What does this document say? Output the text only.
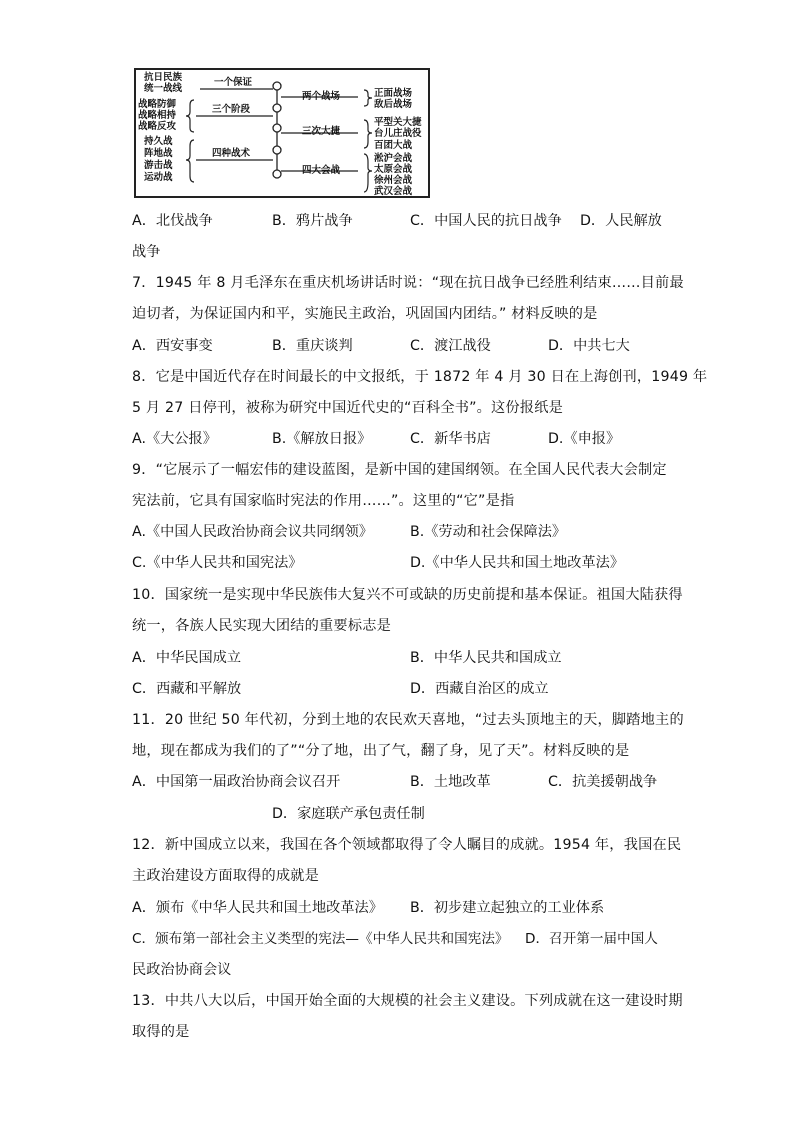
抗日民族
统一战线
战略防御
战略相持
战略反攻
持久战
阵地战
游击战
运动战
一个保证
三个阶段
四种战术
两个战场
三次大捷
四大会战
正面战场
敌后战场
平型关大捷
台儿庄战役
百团大战
淞沪会战
太原会战
徐州会战
武汉会战
A．北伐战争	B．鸦片战争	C．中国人民的抗日战争 D．人民解放
战争
7．1945 年 8 月毛泽东在重庆机场讲话时说：“现在抗日战争已经胜利结束……目前最
迫切者，为保证国内和平，实施民主政治，巩固国内团结。” 材料反映的是
A．西安事变	B．重庆谈判	C．渡江战役	D．中共七大
8．它是中国近代存在时间最长的中文报纸，于 1872 年 4 月 30 日在上海创刊，1949 年
5 月 27 日停刊，被称为研究中国近代史的“百科全书”。这份报纸是
A.《大公报》	B.《解放日报》	C．新华书店	D.《申报》
9．“它展示了一幅宏伟的建设蓝图，是新中国的建国纲领。在全国人民代表大会制定
宪法前，它具有国家临时宪法的作用……”。这里的“它”是指
A.《中国人民政治协商会议共同纲领》	B.《劳动和社会保障法》
C.《中华人民共和国宪法》	D.《中华人民共和国土地改革法》
10．国家统一是实现中华民族伟大复兴不可或缺的历史前提和基本保证。祖国大陆获得
统一，各族人民实现大团结的重要标志是
A．中华民国成立	B．中华人民共和国成立
C．西藏和平解放	D．西藏自治区的成立
11．20 世纪 50 年代初，分到土地的农民欢天喜地，“过去头顶地主的天，脚踏地主的
地，现在都成为我们的了”“分了地，出了气，翻了身，见了天”。材料反映的是
A．中国第一届政治协商会议召开	B．土地改革	C．抗美援朝战争
D．家庭联产承包责任制
12．新中国成立以来，我国在各个领域都取得了令人瞩目的成就。1954 年，我国在民
主政治建设方面取得的成就是
A．颁布《中华人民共和国土地改革法》 B．初步建立起独立的工业体系
C．颁布第一部社会主义类型的宪法—《中华人民共和国宪法》 D．召开第一届中国人
民政治协商会议
13．中共八大以后，中国开始全面的大规模的社会主义建设。下列成就在这一建设时期
取得的是
